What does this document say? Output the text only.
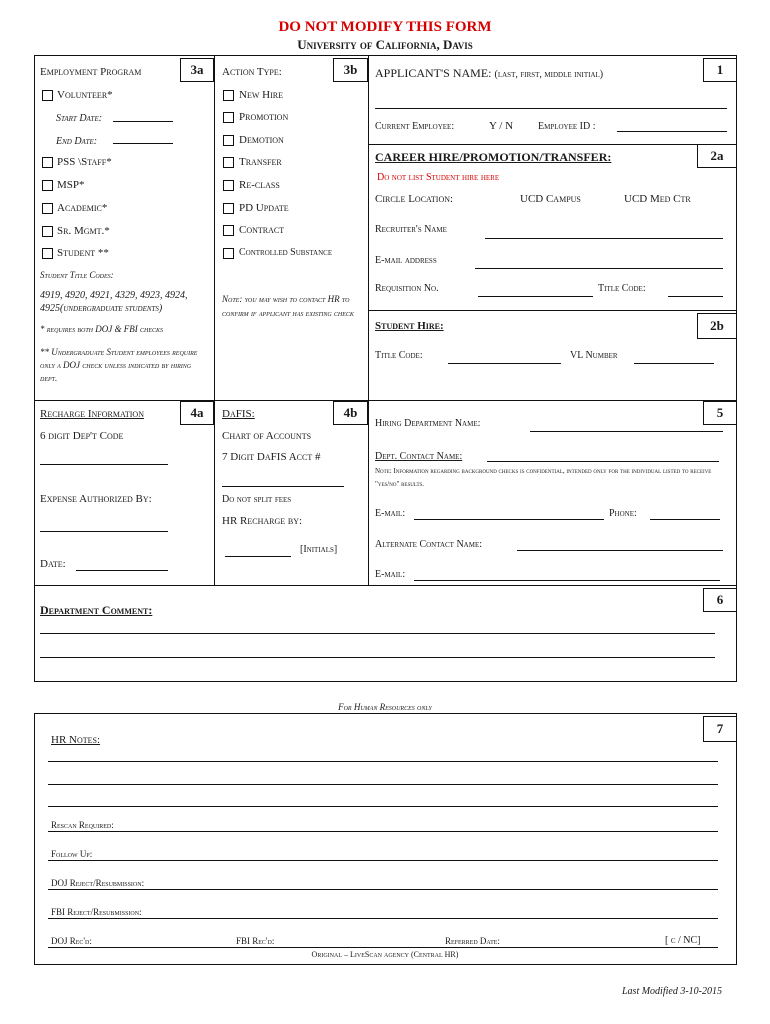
DO NOT MODIFY THIS FORM
University of California, Davis
Employment Program	3a
Volunteer*
Start Date:
End Date:
PSS \Staff*
MSP*
Academic*
Sr. Mgmt.*
Student **
Student Title Codes:
4919, 4920, 4921, 4329, 4923, 4924, 4925(undergraduate students)
* requires both DOJ & FBI checks
** Undergraduate Student employees require only a DOJ check unless indicated by hiring dept.
Action Type:	3b
New Hire
Promotion
Demotion
Transfer
Re-class
PD Update
Contract
Controlled Substance
Note: you may wish to contact HR to confirm if applicant has existing check
APPLICANT'S NAME: (last, first, middle initial)	1
Current Employee:	Y / N Employee ID :
CAREER HIRE/PROMOTION/TRANSFER:	2a
Do not list Student hire here
Circle Location:	UCD Campus	UCD Med Ctr
Recruiter's Name
E-mail address
Requisition No.	Title Code:
Student Hire:	2b
Title Code:	VL Number
Recharge Information	4a
6 digit Dep't Code
Expense Authorized By:
Date:
DaFIS:	4b
Chart of Accounts
7 Digit DaFIS Acct #
Do not split fees
HR Recharge by:
[Initials]
Hiring Department Name:
5
Dept. Contact Name:
Note: Information regarding background checks is confidential, intended only for the individual listed to receive "yes/no" results.
E-mail:	Phone:
Alternate Contact Name:
E-mail:
Department Comment:
6
For Human Resources only
7
HR Notes:
Rescan Required:
Follow Up:
DOJ Reject/Resubmission:
FBI Reject/Resubmission:
DOJ Rec'd:	FBI Rec'd:	Referred Date:	[ c / NC]
Original – LiveScan agency (Central HR)
Last Modified 3-10-2015
